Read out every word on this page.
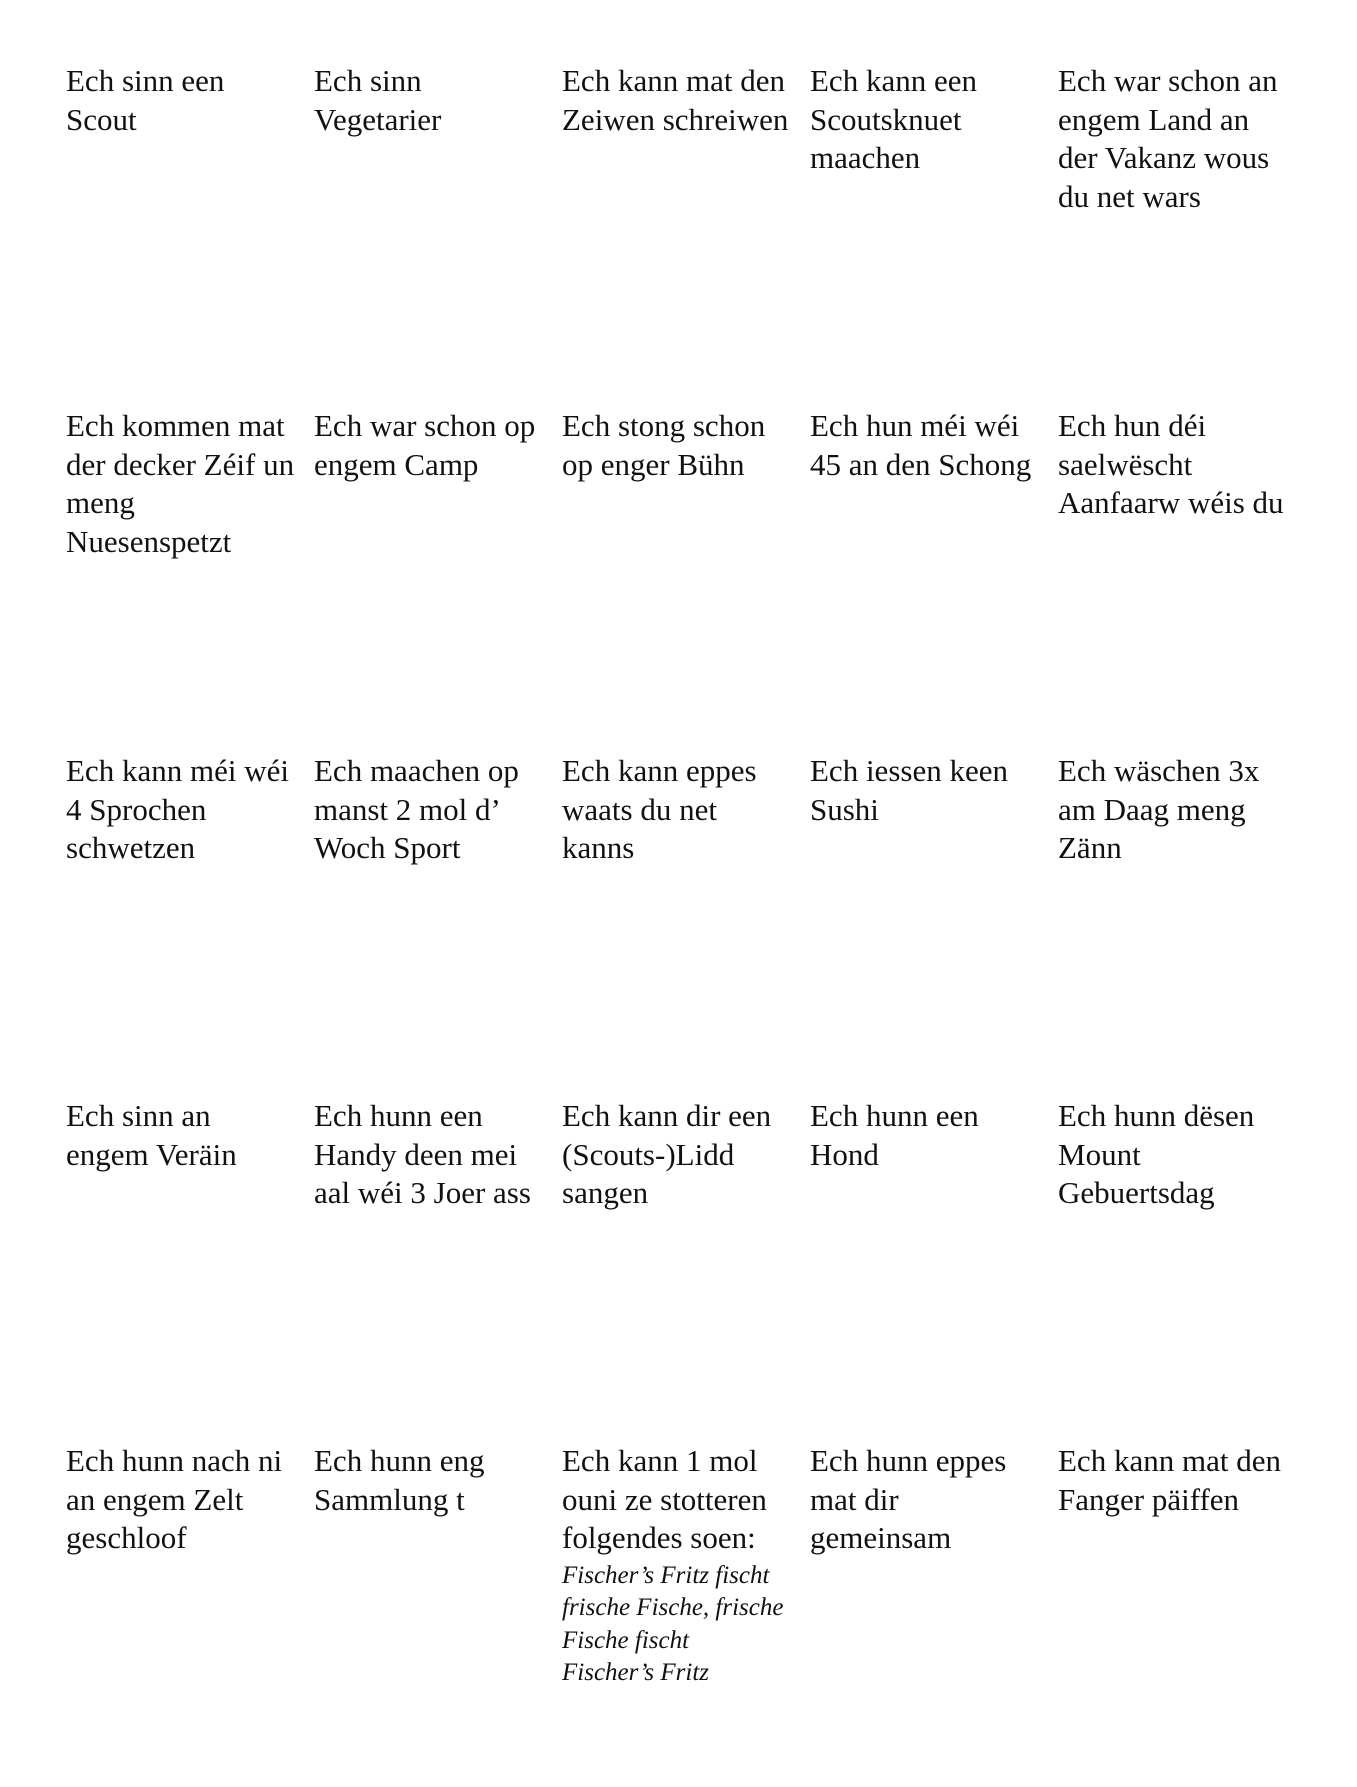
Ech sinn een
Scout
Ech sinn
Vegetarier
Ech kann mat den
Zeiwen schreiwen
Ech kann een
Scoutsknuet
maachen
Ech war schon an
engem Land an
der Vakanz wous
du net wars
Ech kommen mat
der decker Zéif un
meng
Nuesenspetzt
Ech war schon op
engem Camp
Ech stong schon
op enger Bühn
Ech hun méi wéi
45 an den Schong
Ech hun déi
saelwëscht
Aanfaarw wéis du
Ech kann méi wéi
4 Sprochen
schwetzen
Ech maachen op
manst 2 mol d’
Woch Sport
Ech kann eppes
waats du net
kanns
Ech iessen keen
Sushi
Ech wäschen 3x
am Daag meng
Zänn
Ech sinn an
engem Veräin
Ech hunn een
Handy deen mei
aal wéi 3 Joer ass
Ech kann dir een
(Scouts-)Lidd
sangen
Ech hunn een
Hond
Ech hunn dësen
Mount
Gebuertsdag
Ech hunn nach ni
an engem Zelt
geschloof
Ech hunn eng
Sammlung t
Ech kann 1 mol
ouni ze stotteren
folgendes soen:
Fischer’s Fritz fischt
frische Fische, frische
Fische fischt
Fischer’s Fritz
Ech hunn eppes
mat dir
gemeinsam
Ech kann mat den
Fanger päiffen
